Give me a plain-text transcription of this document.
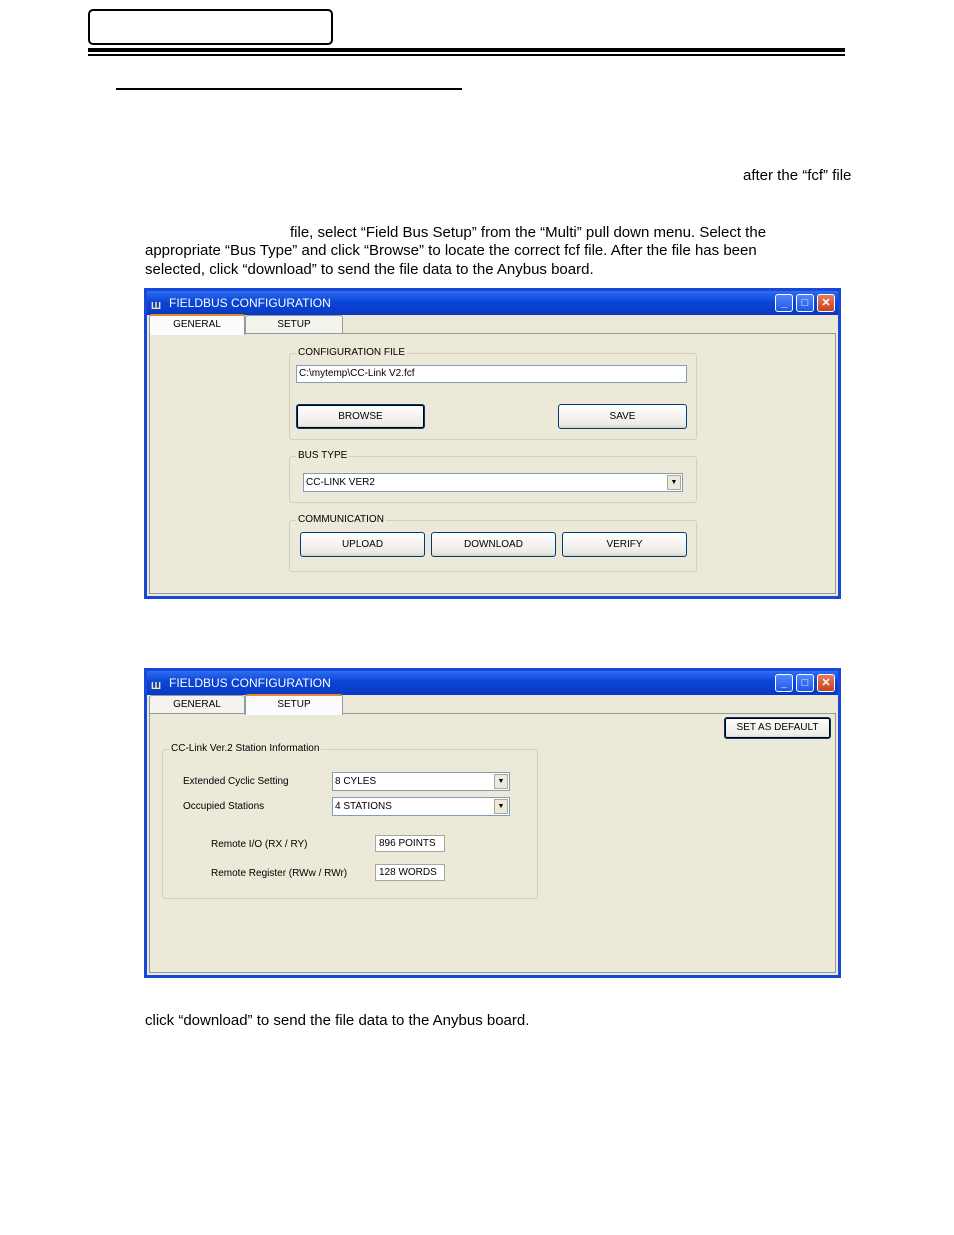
after the “fcf” file
file, select “Field Bus Setup” from the “Multi” pull down menu. Select the
appropriate “Bus Type” and click “Browse” to locate the correct fcf file. After the file has been
selected, click “download” to send the file data to the Anybus board.
Ш FIELDBUS CONFIGURATION	_	□	✕
GENERAL	SETUP
CONFIGURATION FILE
C:\mytemp\CC-Link V2.fcf
BROWSE	SAVE
BUS TYPE
CC-LINK VER2	▼
COMMUNICATION
UPLOAD	DOWNLOAD	VERIFY
Ш FIELDBUS CONFIGURATION	_	□	✕
GENERAL	SETUP
SET AS DEFAULT
CC-Link Ver.2 Station Information
Extended Cyclic Setting	8 CYLES	▼
Occupied Stations	4 STATIONS	▼
Remote I/O (RX / RY)	896 POINTS
Remote Register (RWw / RWr)	128 WORDS
click “download” to send the file data to the Anybus board.
